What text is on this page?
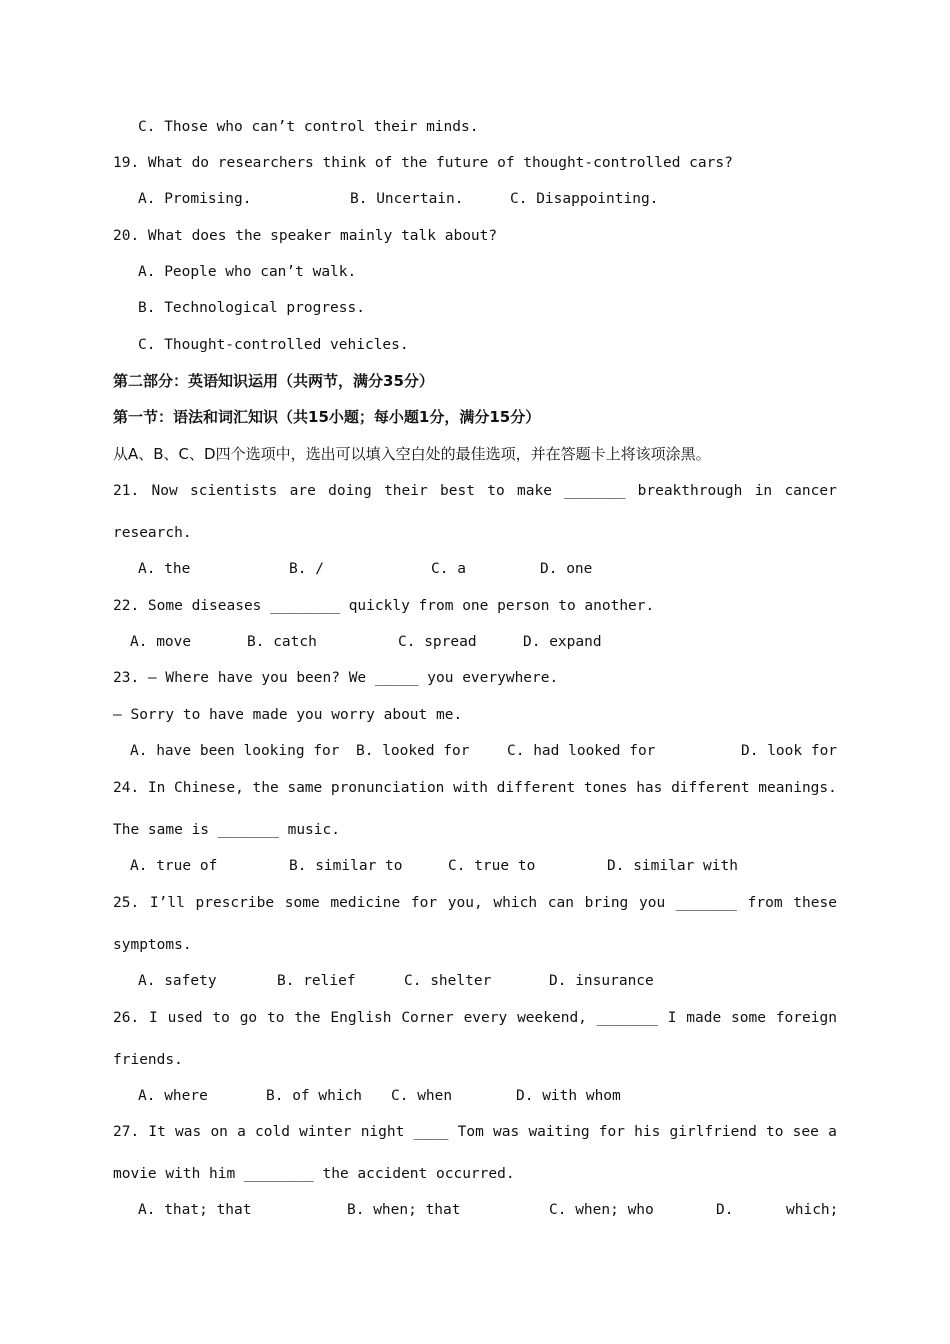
C. Those who can’t control their minds.
19. What do researchers think of the future of thought-controlled cars?
A. Promising.	B. Uncertain.	C. Disappointing.
20. What does the speaker mainly talk about?
A. People who can’t walk.
B. Technological progress.
C. Thought-controlled vehicles.
第二部分：英语知识运用（共两节，满分35分）
第一节：语法和词汇知识（共15小题；每小题1分，满分15分）
从A、B、C、D四个选项中，选出可以填入空白处的最佳选项，并在答题卡上将该项涂黑。
21. Now scientists are doing their best to make _______ breakthrough in cancer
research.
A. the	B. /	C. a	D. one
22. Some diseases ________ quickly from one person to another.
A. move	B. catch	C. spread	D. expand
23. — Where have you been? We _____ you everywhere.
— Sorry to have made you worry about me.
A. have been looking for B. looked for	C. had looked for	D. look for
24. In Chinese, the same pronunciation with different tones has different meanings.
The same is _______ music.
A. true of	B. similar to	C. true to	D. similar with
25. I’ll prescribe some medicine for you, which can bring you _______ from these
symptoms.
A. safety	B. relief	C. shelter	D. insurance
26. I used to go to the English Corner every weekend, _______ I made some foreign
friends.
A. where	B. of which C. when	D. with whom
27. It was on a cold winter night ____ Tom was waiting for his girlfriend to see a
movie with him ________ the accident occurred.
A. that; that	B. when; that	C. when; who	D.	which;
